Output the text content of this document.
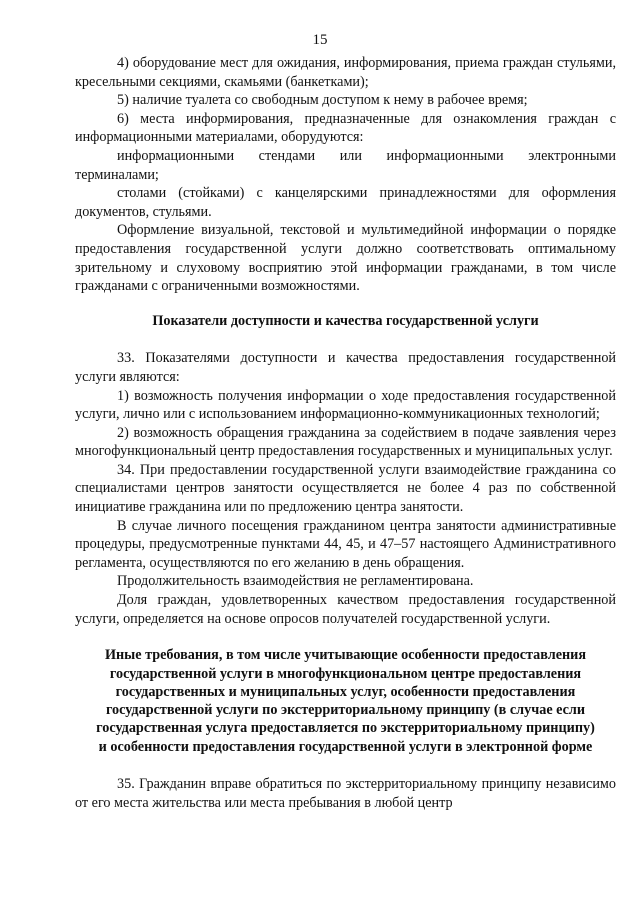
15

4) оборудование мест для ожидания, информирования, приема граждан стульями, кресельными секциями, скамьями (банкетками);

5) наличие туалета со свободным доступом к нему в рабочее время;

6) места информирования, предназначенные для ознакомления граждан с информационными материалами, оборудуются:

информационными стендами или информационными электронными терминалами;

столами (стойками) с канцелярскими принадлежностями для оформления документов, стульями.

Оформление визуальной, текстовой и мультимедийной информации о порядке предоставления государственной услуги должно соответствовать оптимальному зрительному и слуховому восприятию этой информации гражданами, в том числе гражданами с ограниченными возможностями.

Показатели доступности и качества государственной услуги

33. Показателями доступности и качества предоставления государственной услуги являются:

1) возможность получения информации о ходе предоставления государственной услуги, лично или с использованием информационно-коммуникационных технологий;

2) возможность обращения гражданина за содействием в подаче заявления через многофункциональный центр предоставления государственных и муниципальных услуг.

34. При предоставлении государственной услуги взаимодействие гражданина со специалистами центров занятости осуществляется не более 4 раз по собственной инициативе гражданина или по предложению центра занятости.

В случае личного посещения гражданином центра занятости административные процедуры, предусмотренные пунктами 44, 45, и 47–57 настоящего Административного регламента, осуществляются по его желанию в день обращения.

Продолжительность взаимодействия не регламентирована.

Доля граждан, удовлетворенных качеством предоставления государственной услуги, определяется на основе опросов получателей государственной услуги.

Иные требования, в том числе учитывающие особенности предоставления
государственной услуги в многофункциональном центре предоставления
государственных и муниципальных услуг, особенности предоставления
государственной услуги по экстерриториальному принципу (в случае если
государственная услуга предоставляется по экстерриториальному принципу)
и особенности предоставления государственной услуги в электронной форме

35. Гражданин вправе обратиться по экстерриториальному принципу независимо от его места жительства или места пребывания в любой центр
